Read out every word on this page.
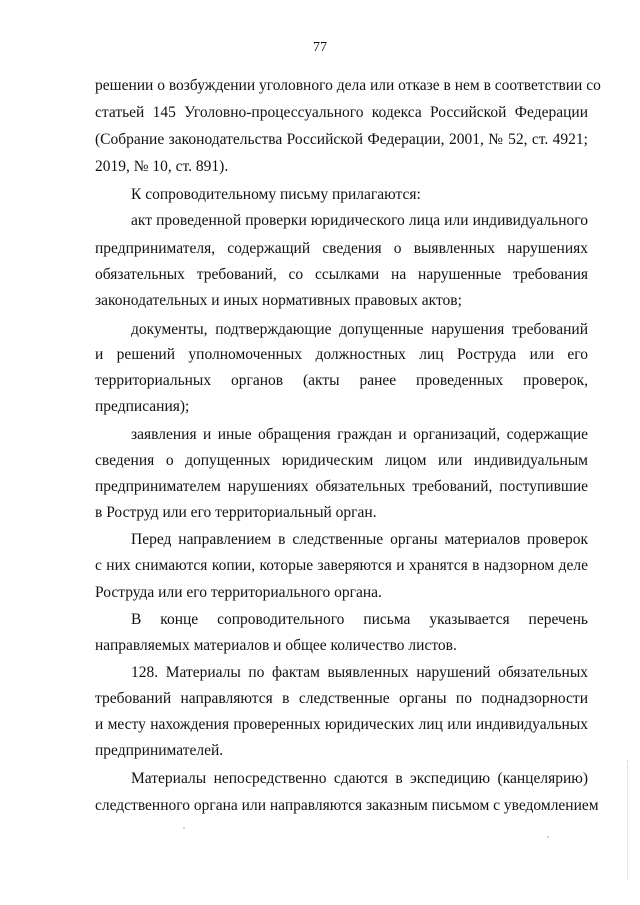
77
решении о возбуждении уголовного дела или отказе в нем в соответствии со
статьей 145 Уголовно-процессуального кодекса Российской Федерации
(Собрание законодательства Российской Федерации, 2001, № 52, ст. 4921;
2019, № 10, ст. 891).
К сопроводительному письму прилагаются:
акт проведенной проверки юридического лица или индивидуального
предпринимателя, содержащий сведения о выявленных нарушениях
обязательных требований, со ссылками на нарушенные требования
законодательных и иных нормативных правовых актов;
документы, подтверждающие допущенные нарушения требований
и решений уполномоченных должностных лиц Роструда или его
территориальных органов (акты ранее проведенных проверок,
предписания);
заявления и иные обращения граждан и организаций, содержащие
сведения о допущенных юридическим лицом или индивидуальным
предпринимателем нарушениях обязательных требований, поступившие
в Роструд или его территориальный орган.
Перед направлением в следственные органы материалов проверок
с них снимаются копии, которые заверяются и хранятся в надзорном деле
Роструда или его территориального органа.
В конце сопроводительного письма указывается перечень
направляемых материалов и общее количество листов.
128. Материалы по фактам выявленных нарушений обязательных
требований направляются в следственные органы по поднадзорности
и месту нахождения проверенных юридических лиц или индивидуальных
предпринимателей.
Материалы непосредственно сдаются в экспедицию (канцелярию)
следственного органа или направляются заказным письмом с уведомлением
